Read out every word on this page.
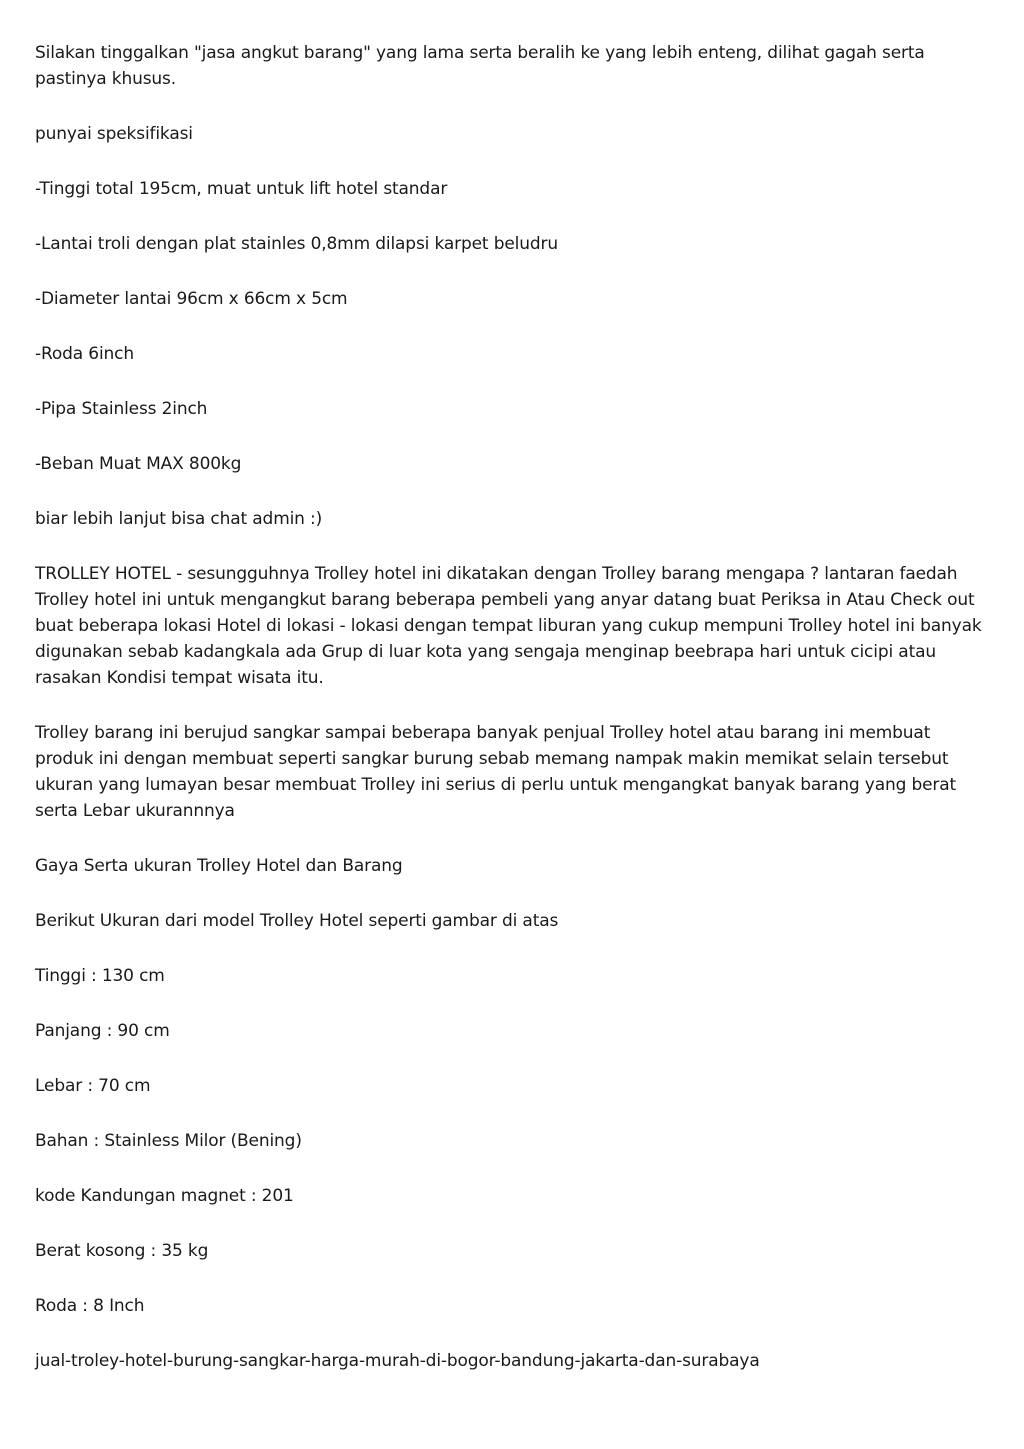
Silakan tinggalkan "jasa angkut barang" yang lama serta beralih ke yang lebih enteng, dilihat gagah serta pastinya khusus.

punyai speksifikasi

-Tinggi total 195cm, muat untuk lift hotel standar

-Lantai troli dengan plat stainles 0,8mm dilapsi karpet beludru

-Diameter lantai 96cm x 66cm x 5cm

-Roda 6inch

-Pipa Stainless 2inch

-Beban Muat MAX 800kg

biar lebih lanjut bisa chat admin :)

TROLLEY HOTEL - sesungguhnya Trolley hotel ini dikatakan dengan Trolley barang mengapa ? lantaran faedah Trolley hotel ini untuk mengangkut barang beberapa pembeli yang anyar datang buat Periksa in Atau Check out buat beberapa lokasi Hotel di lokasi - lokasi dengan tempat liburan yang cukup mempuni Trolley hotel ini banyak digunakan sebab kadangkala ada Grup di luar kota yang sengaja menginap beebrapa hari untuk cicipi atau rasakan Kondisi tempat wisata itu.

Trolley barang ini berujud sangkar sampai beberapa banyak penjual Trolley hotel atau barang ini membuat produk ini dengan membuat seperti sangkar burung sebab memang nampak makin memikat selain tersebut ukuran yang lumayan besar membuat Trolley ini serius di perlu untuk mengangkat banyak barang yang berat serta Lebar ukurannnya

Gaya Serta ukuran Trolley Hotel dan Barang

Berikut Ukuran dari model Trolley Hotel seperti gambar di atas

Tinggi : 130 cm

Panjang : 90 cm

Lebar : 70 cm

Bahan : Stainless Milor (Bening)

kode Kandungan magnet : 201

Berat kosong : 35 kg

Roda : 8 Inch

jual-troley-hotel-burung-sangkar-harga-murah-di-bogor-bandung-jakarta-dan-surabaya
